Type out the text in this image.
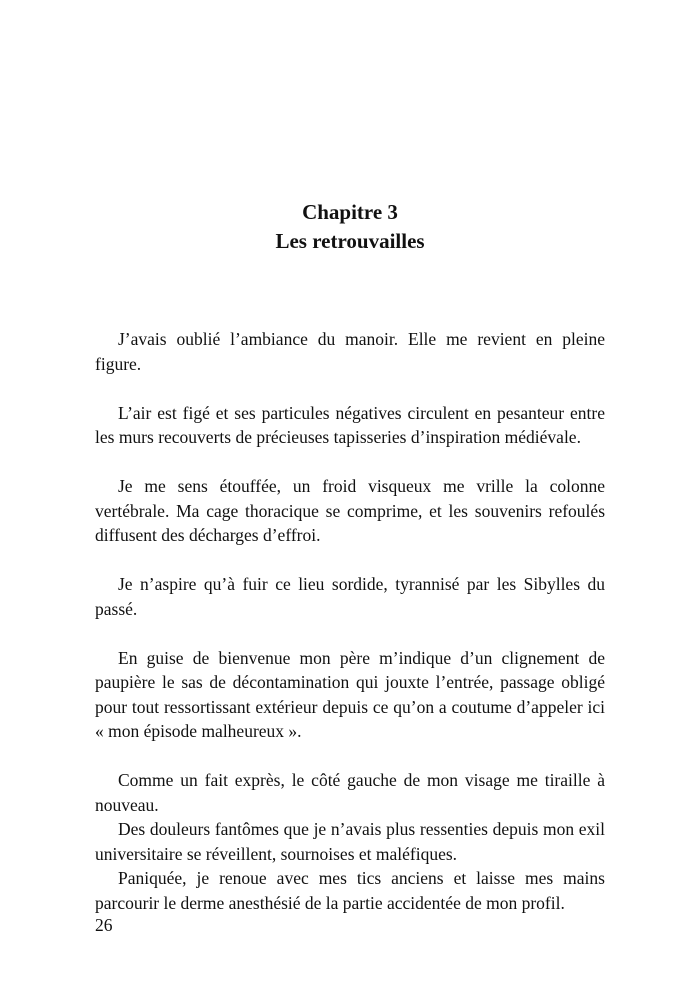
Chapitre 3
Les retrouvailles

J’avais oublié l’ambiance du manoir. Elle me revient en pleine figure.

L’air est figé et ses particules négatives circulent en pesanteur entre les murs recouverts de précieuses tapisseries d’inspiration médiévale.

Je me sens étouffée, un froid visqueux me vrille la colonne vertébrale. Ma cage thoracique se comprime, et les souvenirs refoulés diffusent des décharges d’effroi.

Je n’aspire qu’à fuir ce lieu sordide, tyrannisé par les Sibylles du passé.

En guise de bienvenue mon père m’indique d’un clignement de paupière le sas de décontamination qui jouxte l’entrée, passage obligé pour tout ressortissant extérieur depuis ce qu’on a coutume d’appeler ici « mon épisode malheureux ».

Comme un fait exprès, le côté gauche de mon visage me tiraille à nouveau.

Des douleurs fantômes que je n’avais plus ressenties depuis mon exil universitaire se réveillent, sournoises et maléfiques.

Paniquée, je renoue avec mes tics anciens et laisse mes mains parcourir le derme anesthésié de la partie accidentée de mon profil.

26
